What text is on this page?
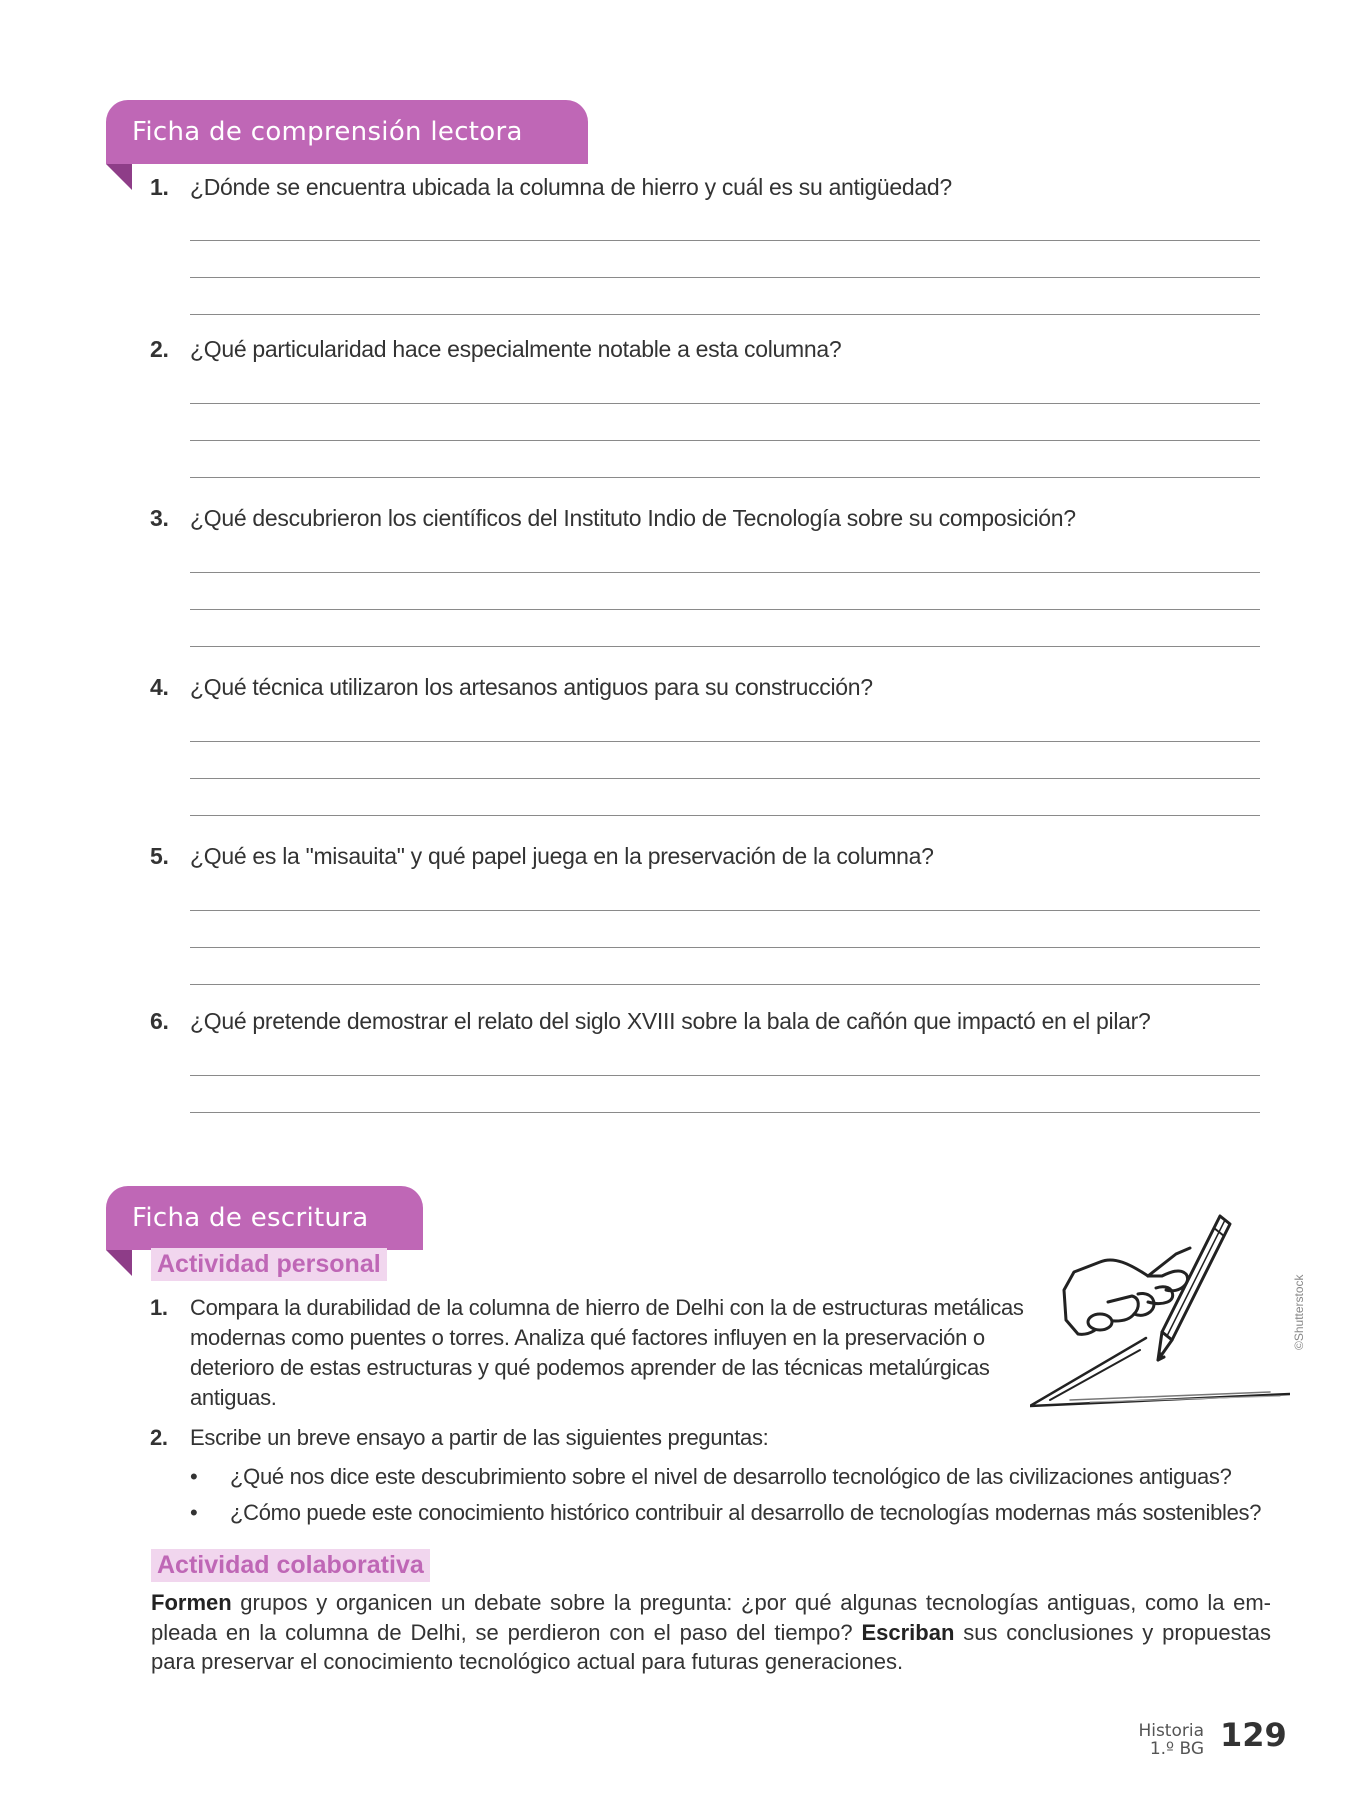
Ficha de comprensión lectora
1. ¿Dónde se encuentra ubicada la columna de hierro y cuál es su antigüedad?
2. ¿Qué particularidad hace especialmente notable a esta columna?
3. ¿Qué descubrieron los científicos del Instituto Indio de Tecnología sobre su composición?
4. ¿Qué técnica utilizaron los artesanos antiguos para su construcción?
5. ¿Qué es la "misauita" y qué papel juega en la preservación de la columna?
6. ¿Qué pretende demostrar el relato del siglo XVIII sobre la bala de cañón que impactó en el pilar?
Ficha de escritura
Actividad personal
1. Compara la durabilidad de la columna de hierro de Delhi con la de estructuras metálicas modernas como puentes o torres. Analiza qué factores influyen en la preservación o deterioro de estas estructuras y qué podemos aprender de las técnicas metalúrgicas antiguas.
2. Escribe un breve ensayo a partir de las siguientes preguntas:
• ¿Qué nos dice este descubrimiento sobre el nivel de desarrollo tecnológico de las civilizaciones antiguas?
• ¿Cómo puede este conocimiento histórico contribuir al desarrollo de tecnologías modernas más sostenibles?
©Shutterstock
Actividad colaborativa
Formen grupos y organicen un debate sobre la pregunta: ¿por qué algunas tecnologías antiguas, como la empleada en la columna de Delhi, se perdieron con el paso del tiempo? Escriban sus conclusiones y propuestas para preservar el conocimiento tecnológico actual para futuras generaciones.
Historia
1.º BG 129
